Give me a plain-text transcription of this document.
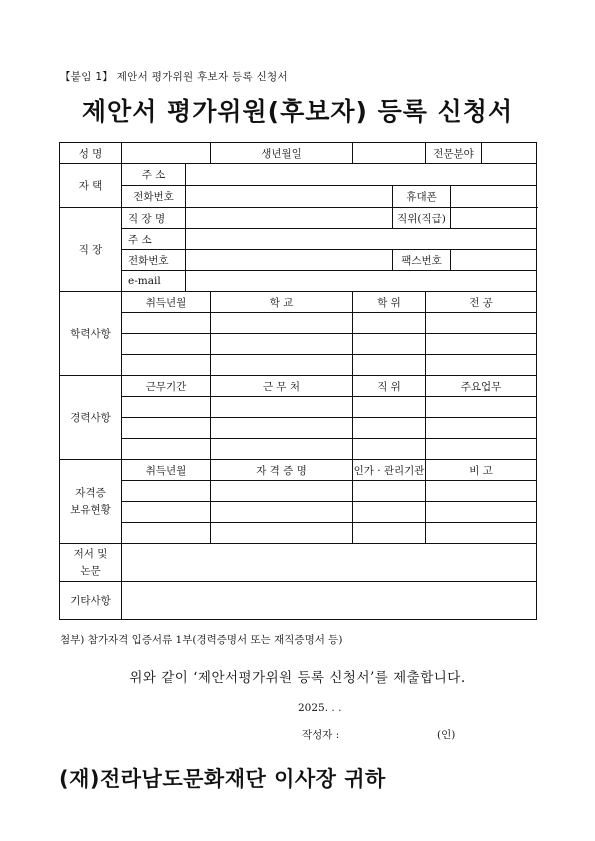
【붙임 1】 제안서 평가위원 후보자 등록 신청서
제안서 평가위원(후보자) 등록 신청서
성 명			생년월일			전문분야		
자 택	주 소							
	전화번호				휴대폰			
직 장	직 장 명				직위(직급)			
	주 소							
	전화번호				팩스번호			
	e-mail							
학력사항	취득년월		학 교	학 위		전 공		

경력사항	근무기간		근 무 처	직 위		주요업무		

자격증
보유현황	취득년월		자 격 증 명	인가 · 관리기관		비 고		

저서 및
논문								
기타사항								
첨부) 참가자격 입증서류 1부(경력증명서 또는 재직증명서 등)
위와 같이 ‘제안서평가위원 등록 신청서’를 제출합니다.
2025. . .
작성자 :	(인)
(재)전라남도문화재단 이사장 귀하
